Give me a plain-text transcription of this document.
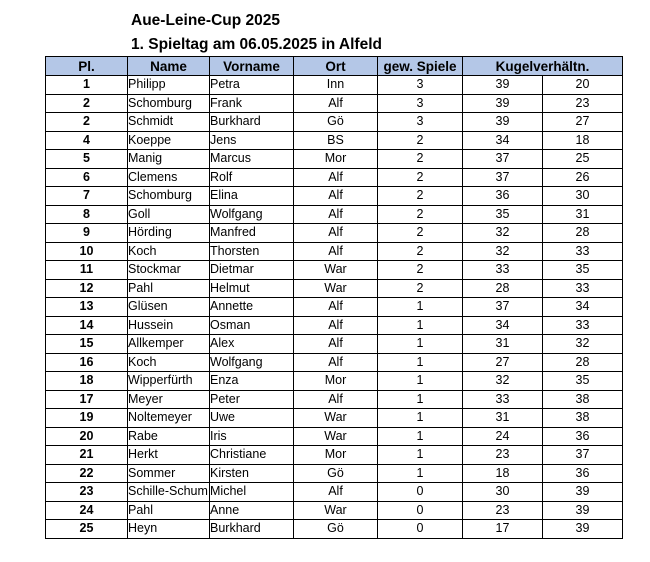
Aue-Leine-Cup 2025
1. Spieltag am 06.05.2025 in Alfeld
Pl.	Name	Vorname	Ort	gew. Spiele	Kugelverhältn.	
1	Philipp	Petra	Inn	3	39	20
2	Schomburg	Frank	Alf	3	39	23
2	Schmidt	Burkhard	Gö	3	39	27
4	Koeppe	Jens	BS	2	34	18
5	Manig	Marcus	Mor	2	37	25
6	Clemens	Rolf	Alf	2	37	26
7	Schomburg	Elina	Alf	2	36	30
8	Goll	Wolfgang	Alf	2	35	31
9	Hörding	Manfred	Alf	2	32	28
10	Koch	Thorsten	Alf	2	32	33
11	Stockmar	Dietmar	War	2	33	35
12	Pahl	Helmut	War	2	28	33
13	Glüsen	Annette	Alf	1	37	34
14	Hussein	Osman	Alf	1	34	33
15	Allkemper	Alex	Alf	1	31	32
16	Koch	Wolfgang	Alf	1	27	28
18	Wipperfürth	Enza	Mor	1	32	35
17	Meyer	Peter	Alf	1	33	38
19	Noltemeyer	Uwe	War	1	31	38
20	Rabe	Iris	War	1	24	36
21	Herkt	Christiane	Mor	1	23	37
22	Sommer	Kirsten	Gö	1	18	36
23	Schille-Schum	Michel	Alf	0	30	39
24	Pahl	Anne	War	0	23	39
25	Heyn	Burkhard	Gö	0	17	39
